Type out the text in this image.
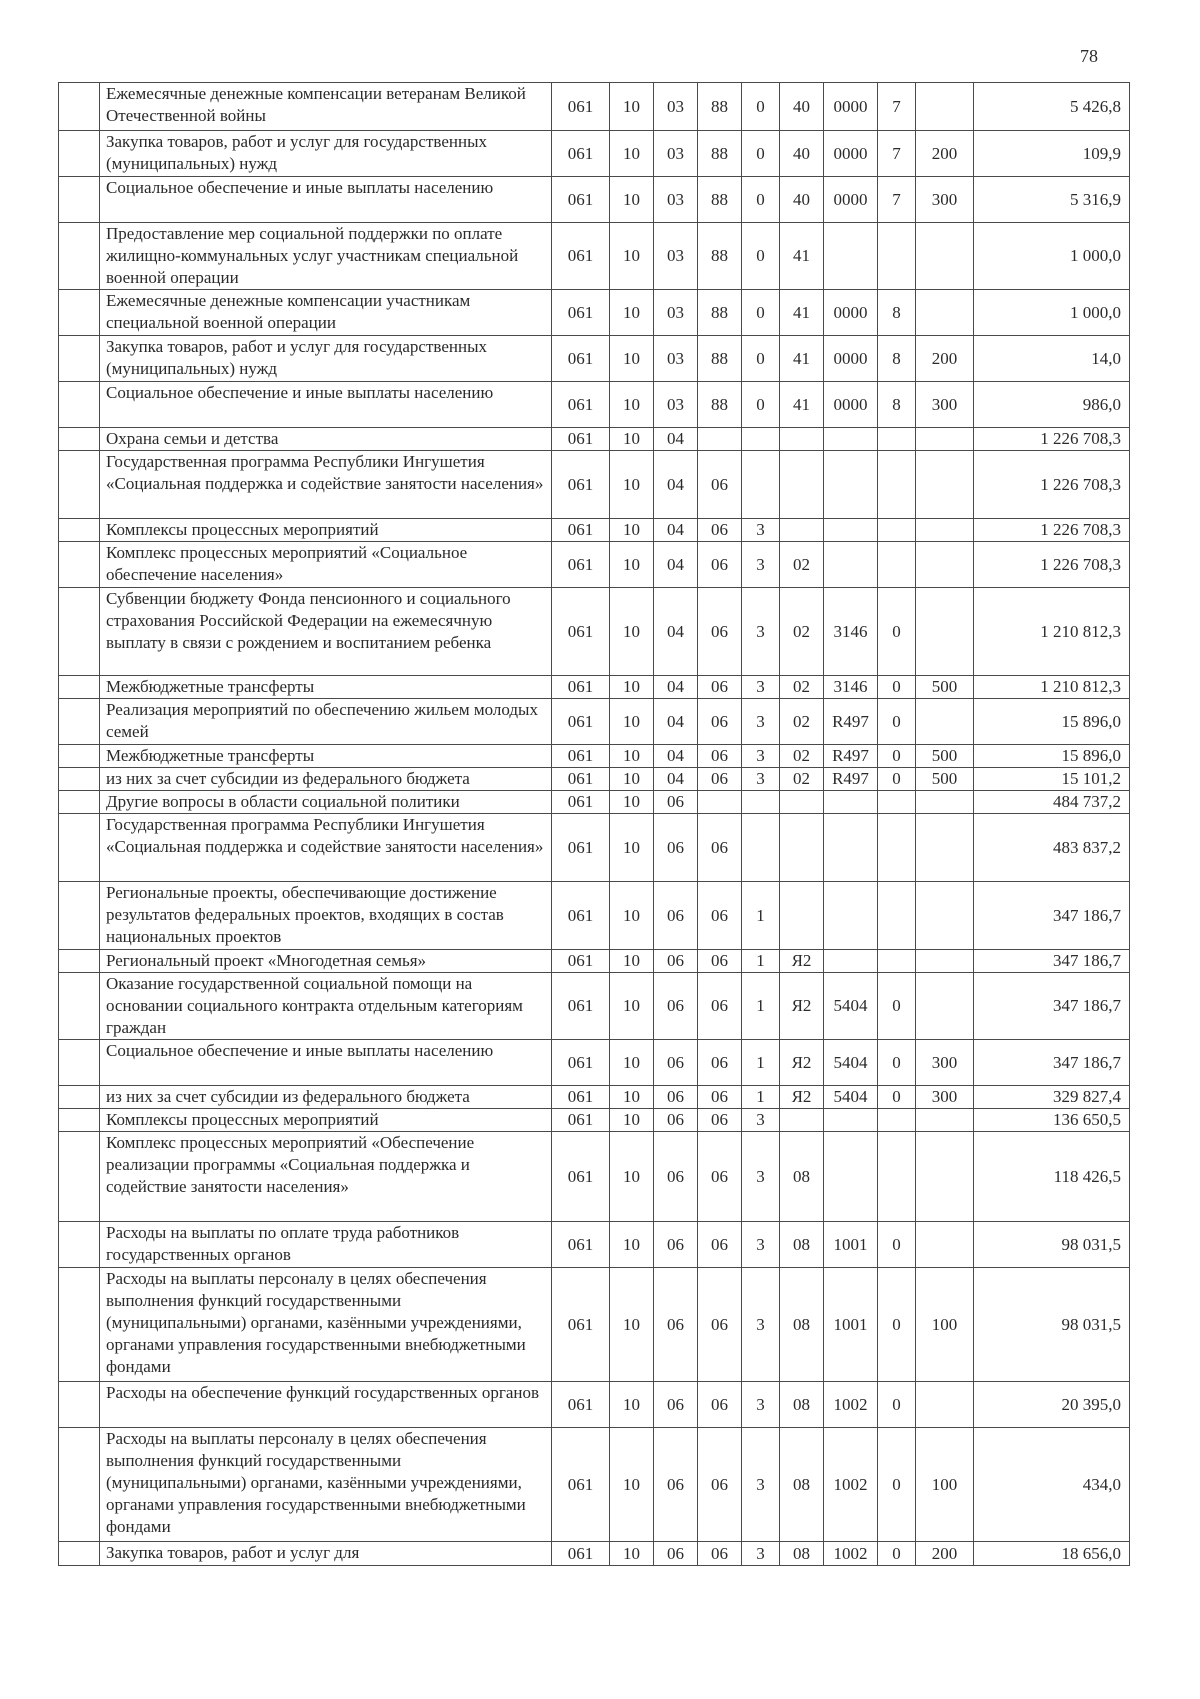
78
	Ежемесячные денежные компенсации ветеранам Великой Отечественной войны	061	10	03	88	0	40	0000	7		5 426,8
	Закупка товаров, работ и услуг для государственных (муниципальных) нужд	061	10	03	88	0	40	0000	7	200	109,9
	Социальное обеспечение и иные выплаты населению	061	10	03	88	0	40	0000	7	300	5 316,9
	Предоставление мер социальной поддержки по оплате жилищно-коммунальных услуг участникам специальной военной операции	061	10	03	88	0	41				1 000,0
	Ежемесячные денежные компенсации участникам специальной военной операции	061	10	03	88	0	41	0000	8		1 000,0
	Закупка товаров, работ и услуг для государственных (муниципальных) нужд	061	10	03	88	0	41	0000	8	200	14,0
	Социальное обеспечение и иные выплаты населению	061	10	03	88	0	41	0000	8	300	986,0
	Охрана семьи и детства	061	10	04							1 226 708,3
	Государственная программа Республики Ингушетия «Социальная поддержка и содействие занятости населения»	061	10	04	06						1 226 708,3
	Комплексы процессных мероприятий	061	10	04	06	3					1 226 708,3
	Комплекс процессных мероприятий «Социальное обеспечение населения»	061	10	04	06	3	02				1 226 708,3
	Субвенции бюджету Фонда пенсионного и социального страхования Российской Федерации на ежемесячную выплату в связи с рождением и воспитанием ребенка	061	10	04	06	3	02	3146	0		1 210 812,3
	Межбюджетные трансферты	061	10	04	06	3	02	3146	0	500	1 210 812,3
	Реализация мероприятий по обеспечению жильем молодых семей	061	10	04	06	3	02	R497	0		15 896,0
	Межбюджетные трансферты	061	10	04	06	3	02	R497	0	500	15 896,0
	из них за счет субсидии из федерального бюджета	061	10	04	06	3	02	R497	0	500	15 101,2
	Другие вопросы в области социальной политики	061	10	06							484 737,2
	Государственная программа Республики Ингушетия «Социальная поддержка и содействие занятости населения»	061	10	06	06						483 837,2
	Региональные проекты, обеспечивающие достижение результатов федеральных проектов, входящих в состав национальных проектов	061	10	06	06	1					347 186,7
	Региональный проект «Многодетная семья»	061	10	06	06	1	Я2				347 186,7
	Оказание государственной социальной помощи на основании социального контракта отдельным категориям граждан	061	10	06	06	1	Я2	5404	0		347 186,7
	Социальное обеспечение и иные выплаты населению	061	10	06	06	1	Я2	5404	0	300	347 186,7
	из них за счет субсидии из федерального бюджета	061	10	06	06	1	Я2	5404	0	300	329 827,4
	Комплексы процессных мероприятий	061	10	06	06	3					136 650,5
	Комплекс процессных мероприятий «Обеспечение реализации программы «Социальная поддержка и содействие занятости населения»	061	10	06	06	3	08				118 426,5
	Расходы на выплаты по оплате труда работников государственных органов	061	10	06	06	3	08	1001	0		98 031,5
	Расходы на выплаты персоналу в целях обеспечения выполнения функций государственными (муниципальными) органами, казёнными учреждениями, органами управления государственными внебюджетными фондами	061	10	06	06	3	08	1001	0	100	98 031,5
	Расходы на обеспечение функций государственных органов	061	10	06	06	3	08	1002	0		20 395,0
	Расходы на выплаты персоналу в целях обеспечения выполнения функций государственными (муниципальными) органами, казёнными учреждениями, органами управления государственными внебюджетными фондами	061	10	06	06	3	08	1002	0	100	434,0
	Закупка товаров, работ и услуг для	061	10	06	06	3	08	1002	0	200	18 656,0
